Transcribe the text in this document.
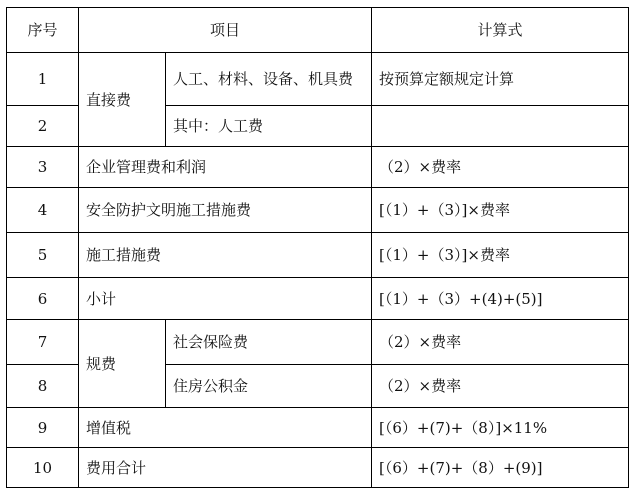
序号	项目		计算式
1	直接费	人工、材料、设备、机具费	按预算定额规定计算
2		其中：人工费	
3	企业管理费和利润		（2）×费率
4	安全防护文明施工措施费		[（1）+（3）]×费率
5	施工措施费		[（1）+（3）]×费率
6	小计		[（1）+（3）+(4)+(5)]
7	规费	社会保险费	（2）×费率
8		住房公积金	（2）×费率
9	增值税		[（6）+(7)+（8）]×11%
10	费用合计		[（6）+(7)+（8）+(9)]
